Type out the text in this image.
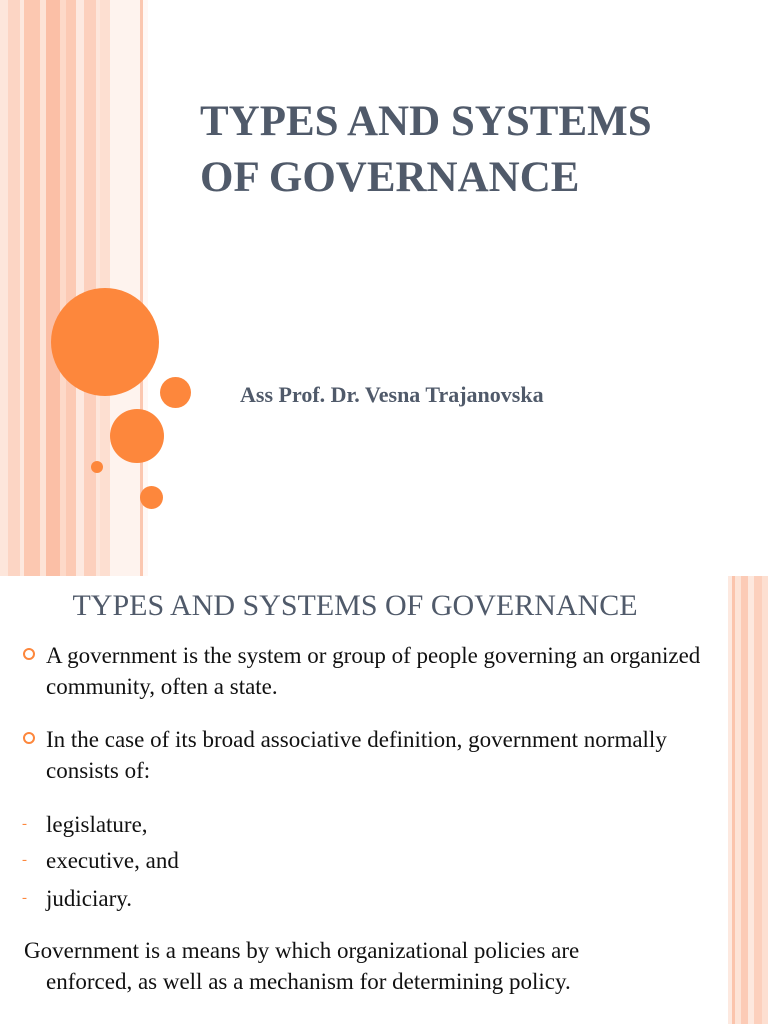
TYPES AND SYSTEMS
OF GOVERNANCE

Ass Prof. Dr. Vesna Trajanovska

TYPES AND SYSTEMS OF GOVERNANCE

A government is the system or group of people governing an organized community, often a state.

In the case of its broad associative definition, government normally consists of:

- legislature,

- executive, and

- judiciary.

Government is a means by which organizational policies are
enforced, as well as a mechanism for determining policy.
